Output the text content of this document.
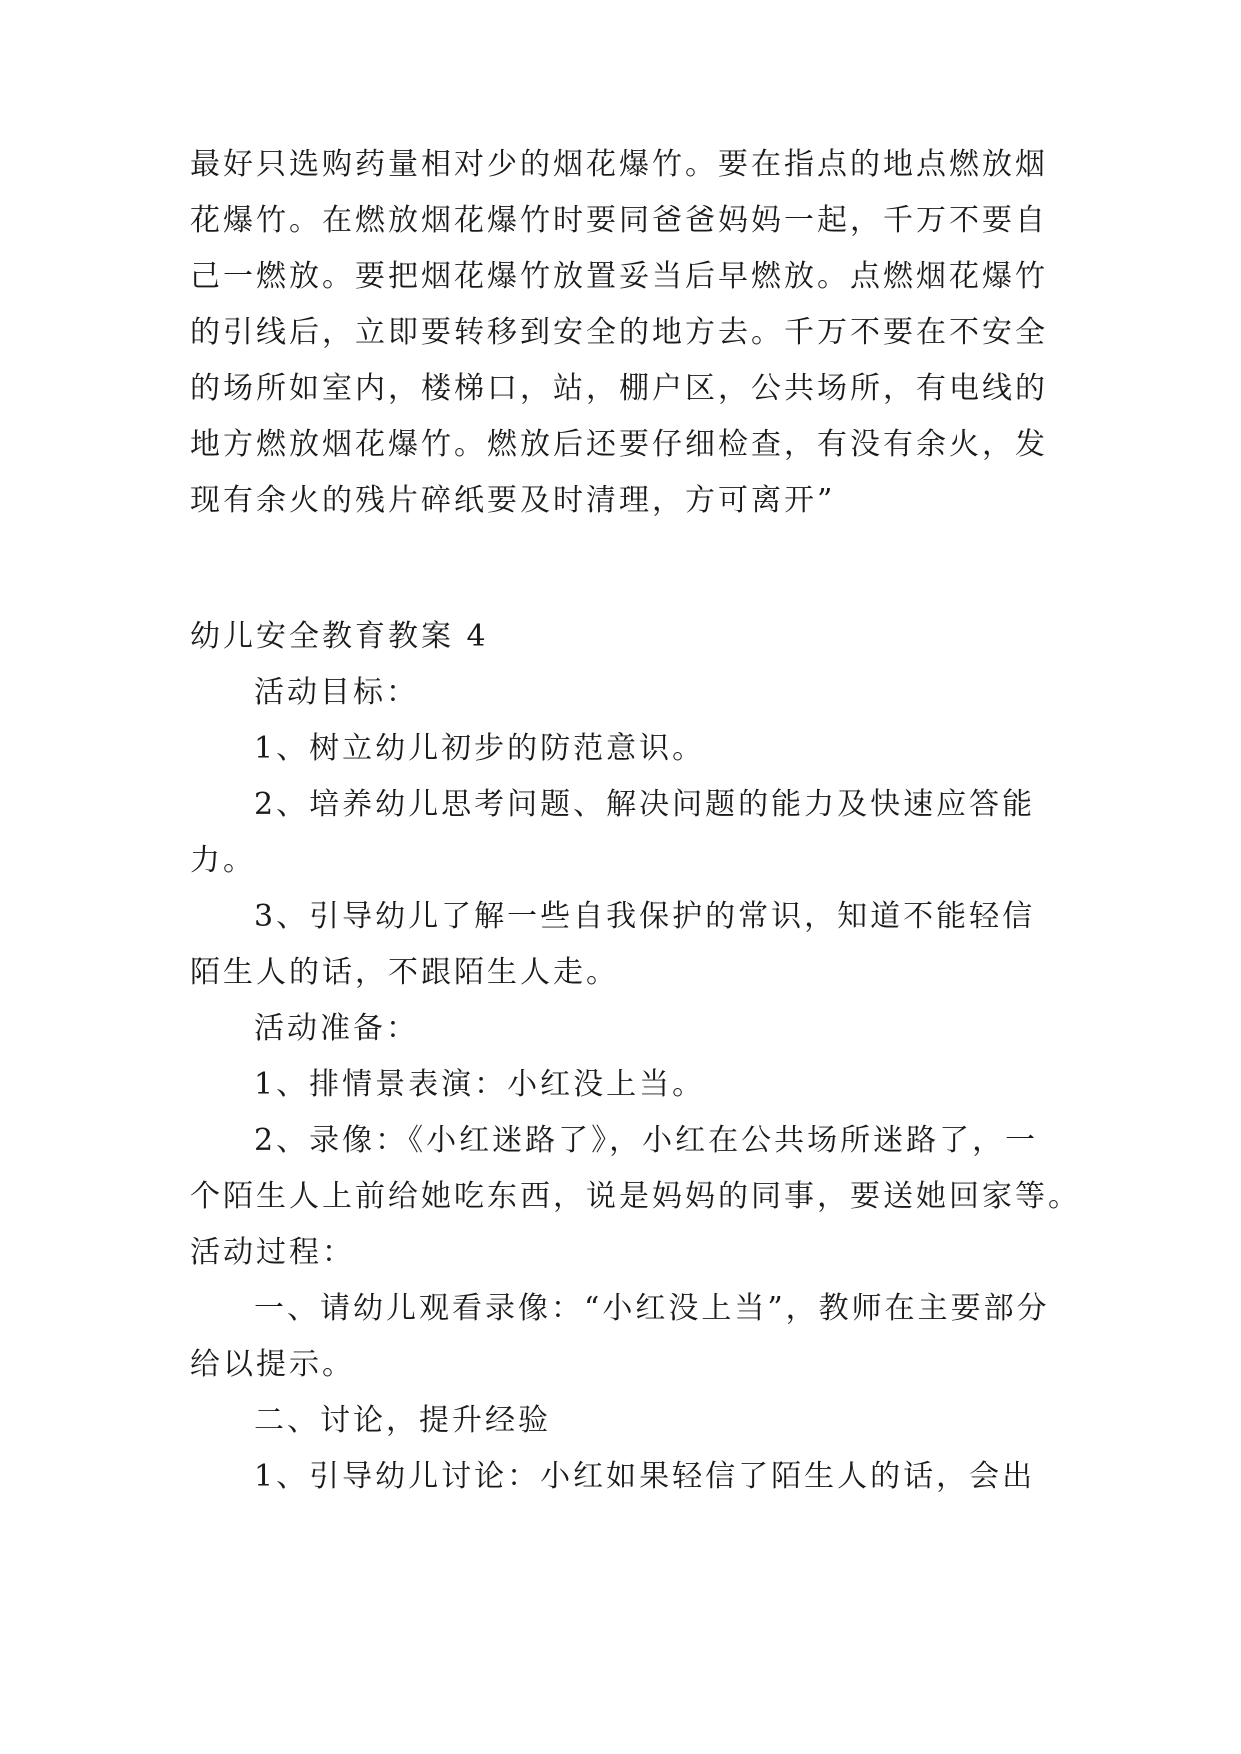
最好只选购药量相对少的烟花爆竹。要在指点的地点燃放烟
花爆竹。在燃放烟花爆竹时要同爸爸妈妈一起，千万不要自
己一燃放。要把烟花爆竹放置妥当后早燃放。点燃烟花爆竹
的引线后，立即要转移到安全的地方去。千万不要在不安全
的场所如室内，楼梯口，站，棚户区，公共场所，有电线的
地方燃放烟花爆竹。燃放后还要仔细检查，有没有余火，发
现有余火的残片碎纸要及时清理，方可离开”
幼儿安全教育教案 4
活动目标：
1、树立幼儿初步的防范意识。
2、培养幼儿思考问题、解决问题的能力及快速应答能
力。
3、引导幼儿了解一些自我保护的常识，知道不能轻信
陌生人的话，不跟陌生人走。
活动准备：
1、排情景表演：小红没上当。
2、录像：《小红迷路了》，小红在公共场所迷路了，一
个陌生人上前给她吃东西，说是妈妈的同事，要送她回家等。
活动过程：
一、请幼儿观看录像：“小红没上当”，教师在主要部分
给以提示。
二、讨论，提升经验
1、引导幼儿讨论：小红如果轻信了陌生人的话，会出
